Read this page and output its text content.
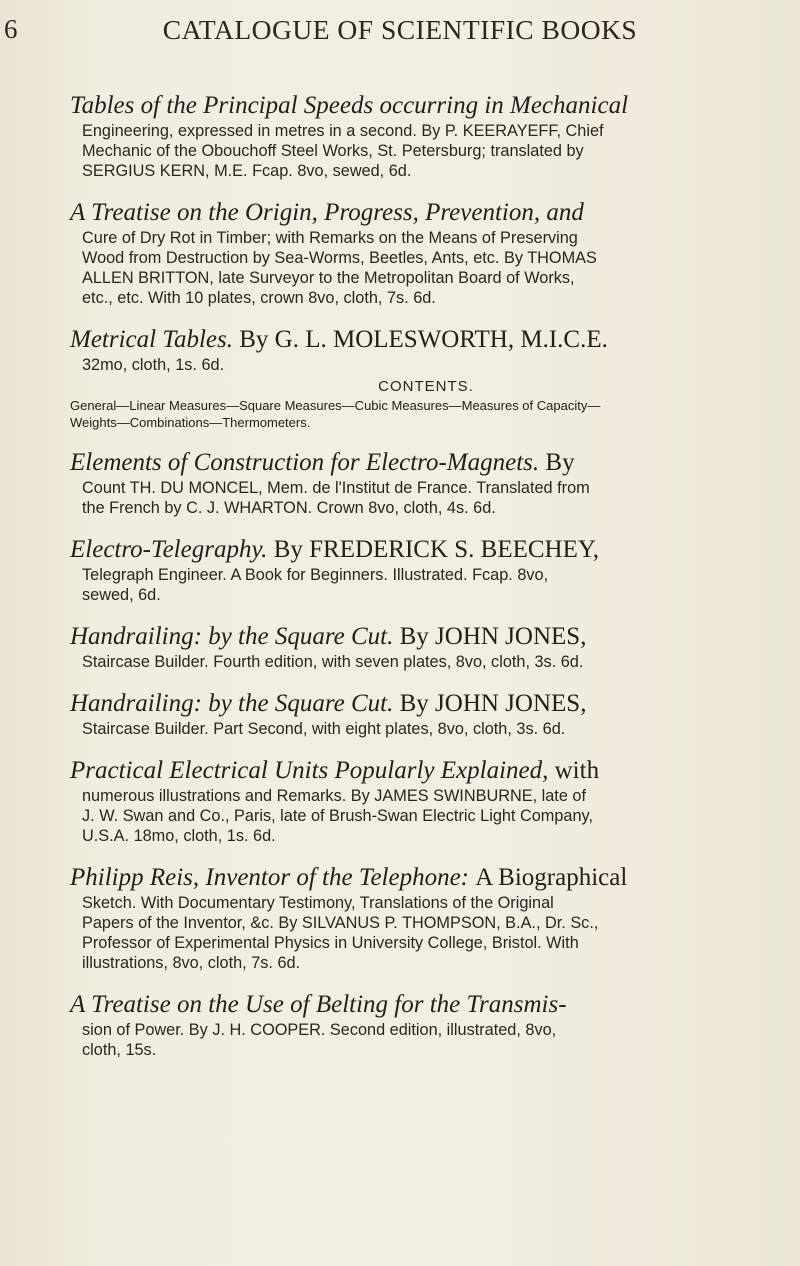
6	CATALOGUE OF SCIENTIFIC BOOKS
Tables of the Principal Speeds occurring in Mechanical
Engineering, expressed in metres in a second. By P. KEERAYEFF, Chief
Mechanic of the Obouchoff Steel Works, St. Petersburg; translated by
SERGIUS KERN, M.E. Fcap. 8vo, sewed, 6d.
A Treatise on the Origin, Progress, Prevention, and
Cure of Dry Rot in Timber; with Remarks on the Means of Preserving
Wood from Destruction by Sea-Worms, Beetles, Ants, etc. By THOMAS
ALLEN BRITTON, late Surveyor to the Metropolitan Board of Works,
etc., etc. With 10 plates, crown 8vo, cloth, 7s. 6d.
Metrical Tables. By G. L. MOLESWORTH, M.I.C.E.
32mo, cloth, 1s. 6d.
CONTENTS.
General—Linear Measures—Square Measures—Cubic Measures—Measures of Capacity—
Weights—Combinations—Thermometers.
Elements of Construction for Electro-Magnets. By
Count TH. DU MONCEL, Mem. de l'Institut de France. Translated from
the French by C. J. WHARTON. Crown 8vo, cloth, 4s. 6d.
Electro-Telegraphy. By FREDERICK S. BEECHEY,
Telegraph Engineer. A Book for Beginners. Illustrated. Fcap. 8vo,
sewed, 6d.
Handrailing: by the Square Cut. By JOHN JONES,
Staircase Builder. Fourth edition, with seven plates, 8vo, cloth, 3s. 6d.
Handrailing: by the Square Cut. By JOHN JONES,
Staircase Builder. Part Second, with eight plates, 8vo, cloth, 3s. 6d.
Practical Electrical Units Popularly Explained, with
numerous illustrations and Remarks. By JAMES SWINBURNE, late of
J. W. Swan and Co., Paris, late of Brush-Swan Electric Light Company,
U.S.A. 18mo, cloth, 1s. 6d.
Philipp Reis, Inventor of the Telephone: A Biographical
Sketch. With Documentary Testimony, Translations of the Original
Papers of the Inventor, &c. By SILVANUS P. THOMPSON, B.A., Dr. Sc.,
Professor of Experimental Physics in University College, Bristol. With
illustrations, 8vo, cloth, 7s. 6d.
A Treatise on the Use of Belting for the Transmis-
sion of Power. By J. H. COOPER. Second edition, illustrated, 8vo,
cloth, 15s.
